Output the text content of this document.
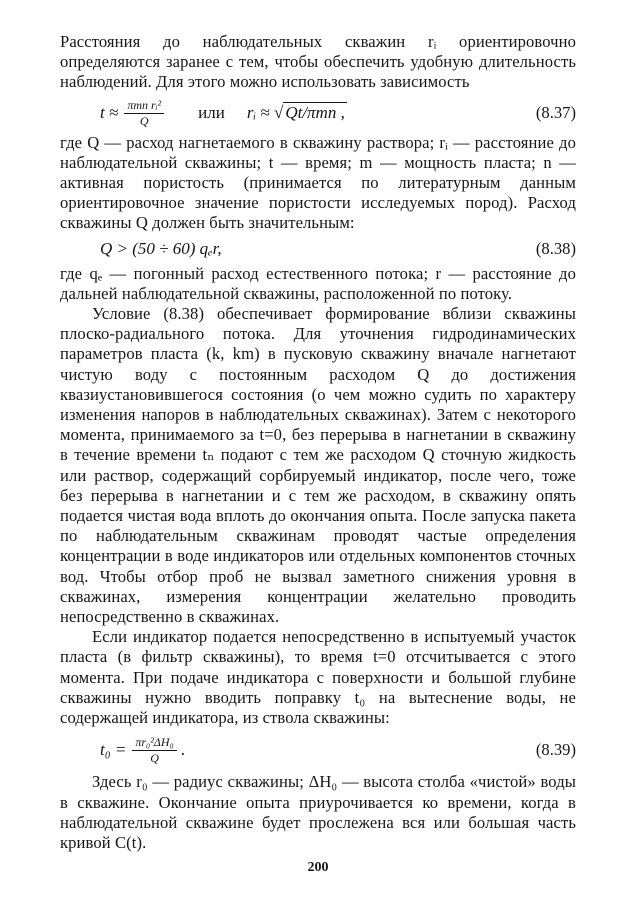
Расстояния до наблюдательных скважин rᵢ ориентировочно определяются заранее с тем, чтобы обеспечить удобную длительность наблюдений. Для этого можно использовать зависимость

$t \approx \frac{\text{πmn rᵢ²}}{Q}$ или rᵢ ≈ √ Qt/πmn ,	(8.37)

где Q — расход нагнетаемого в скважину раствора; rᵢ — расстояние до наблюдательной скважины; t — время; m — мощность пласта; n — активная пористость (принимается по литературным данным ориентировочное значение пористости исследуемых пород). Расход скважины Q должен быть значительным:

Q > (50 ÷ 60) qₑr,	(8.38)

где qₑ — погонный расход естественного потока; r — расстояние до дальней наблюдательной скважины, расположенной по потоку.

Условие (8.38) обеспечивает формирование вблизи скважины плоско-радиального потока. Для уточнения гидродинамических параметров пласта (k, km) в пусковую скважину вначале нагнетают чистую воду с постоянным расходом Q до достижения квазиустановившегося состояния (о чем можно судить по характеру изменения напоров в наблюдательных скважинах). Затем с некоторого момента, принимаемого за t=0, без перерыва в нагнетании в скважину в течение времени tₙ подают с тем же расходом Q сточную жидкость или раствор, содержащий сорбируемый индикатор, после чего, тоже без перерыва в нагнетании и с тем же расходом, в скважину опять подается чистая вода вплоть до окончания опыта. После запуска пакета по наблюдательным скважинам проводят частые определения концентрации в воде индикаторов или отдельных компонентов сточных вод. Чтобы отбор проб не вызвал заметного снижения уровня в скважинах, измерения концентрации желательно проводить непосредственно в скважинах.

Если индикатор подается непосредственно в испытуемый участок пласта (в фильтр скважины), то время t=0 отсчитывается с этого момента. При подаче индикатора с поверхности и большой глубине скважины нужно вводить поправку t₀ на вытеснение воды, не содержащей индикатора, из ствола скважины:

$t_0 = \frac{\text{πr₀²ΔH₀}}{Q}$ .	(8.39)

Здесь r₀ — радиус скважины; ΔH₀ — высота столба «чистой» воды в скважине. Окончание опыта приурочивается ко времени, когда в наблюдательной скважине будет прослежена вся или большая часть кривой C(t).

200
